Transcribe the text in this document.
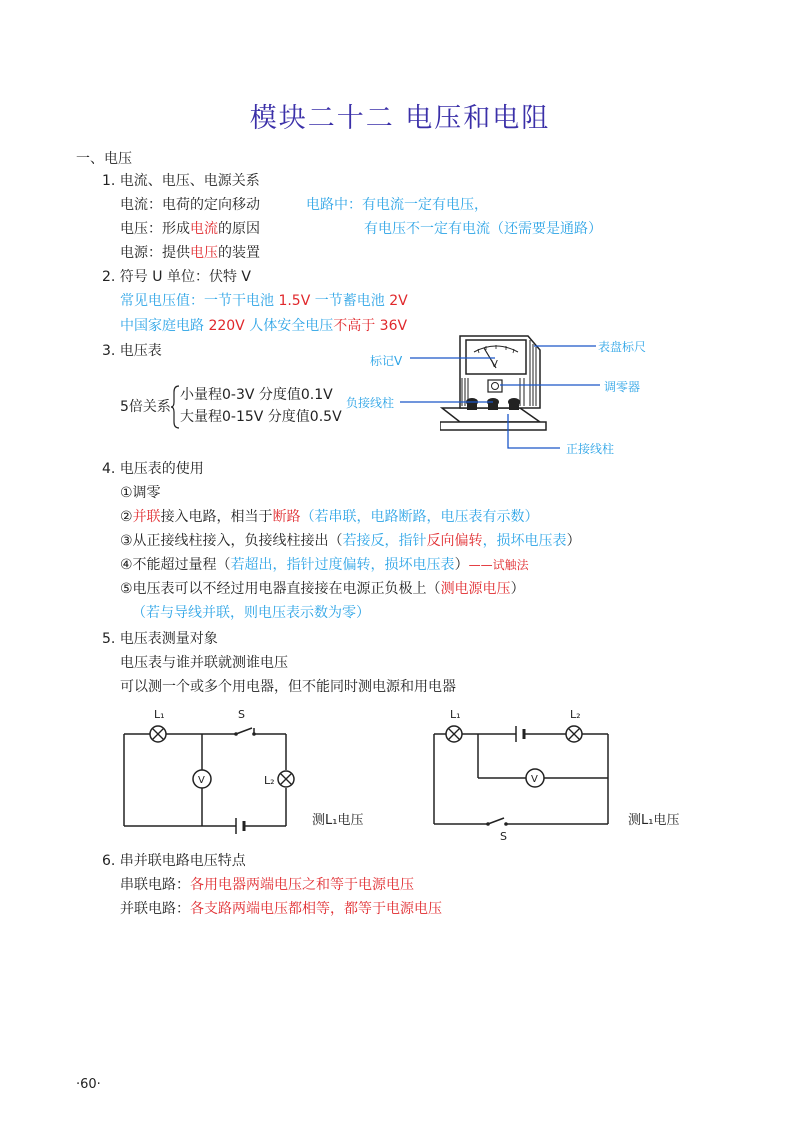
模块二十二 电压和电阻
一、电压
1. 电流、电压、电源关系
电流：电荷的定向移动
电压：形成电流的原因
电源：提供电压的装置
电路中：有电流一定有电压，
有电压不一定有电流（还需要是通路）
2. 符号 U 单位：伏特 V
常见电压值：一节干电池 1.5V 一节蓄电池 2V
中国家庭电路 220V 人体安全电压不高于 36V
3. 电压表
5倍关系
小量程0-3V 分度值0.1V
大量程0-15V 分度值0.5V
V
标记V
表盘标尺
调零器
负接线柱
正接线柱
4. 电压表的使用
①调零
②并联接入电路，相当于断路（若串联，电路断路，电压表有示数）
③从正接线柱接入，负接线柱接出（若接反，指针反向偏转，损坏电压表）
④不能超过量程（若超出，指针过度偏转，损坏电压表）——试触法
⑤电压表可以不经过用电器直接接在电源正负极上（测电源电压）
（若与导线并联，则电压表示数为零）
5. 电压表测量对象
电压表与谁并联就测谁电压
可以测一个或多个用电器，但不能同时测电源和用电器
V
L₁	S
L₂
测L₁电压
V
L₁	L₂
S
测L₁电压
6. 串并联电路电压特点
串联电路：各用电器两端电压之和等于电源电压
并联电路：各支路两端电压都相等，都等于电源电压
·60·
